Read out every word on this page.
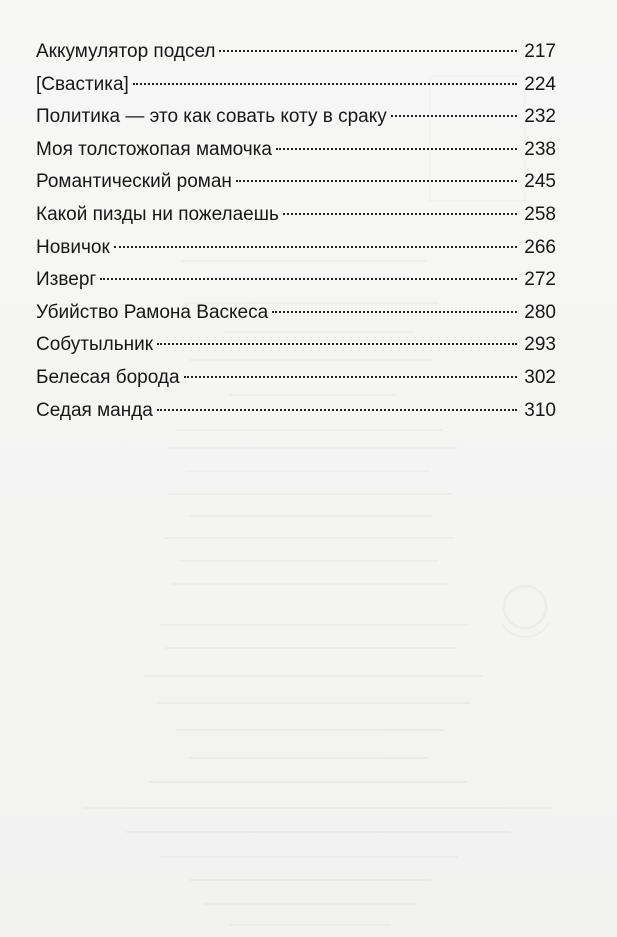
Аккумулятор подсел	217
[Свастика]	224
Политика — это как совать коту в сраку	232
Моя толстожопая мамочка	238
Романтический роман	245
Какой пизды ни пожелаешь	258
Новичок	266
Изверг	272
Убийство Рамона Васкеса	280
Собутыльник	293
Белесая борода	302
Седая манда	310
